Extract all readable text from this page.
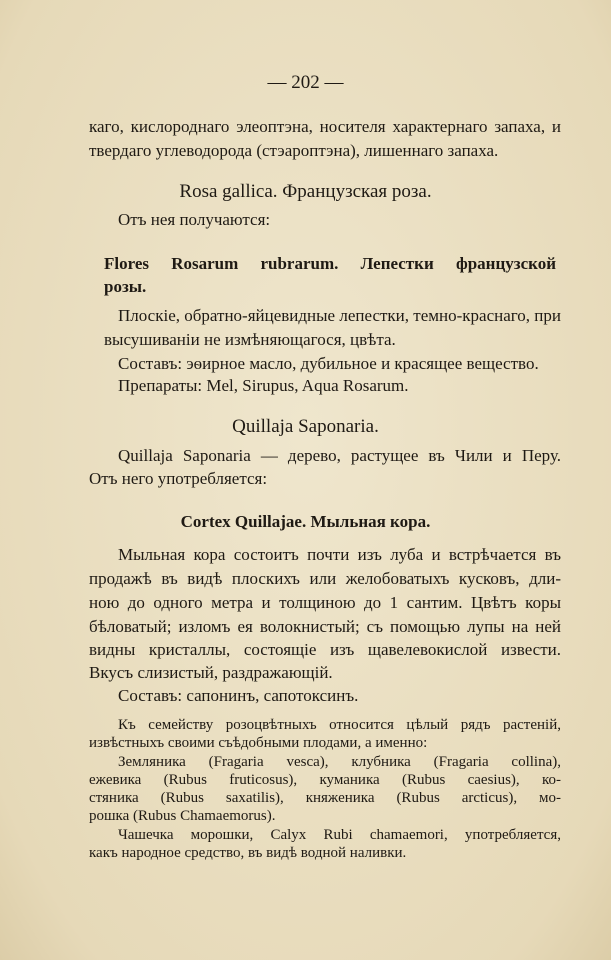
— 202 —
каго, кислороднаго элеоптэна, носителя характернаго запаха, и
твердаго углеводорода (стэароптэна), лишеннаго запаха.
Rosa gallica. Французская роза.
Отъ нея получаются:
Flores Rosarum rubrarum. Лепестки французской
розы.
Плоскіе, обратно-яйцевидные лепестки, темно-краснаго, при
высушиваніи не измѣняющагося, цвѣта.
Составъ: эѳирное масло, дубильное и красящее вещество.
Препараты: Mel, Sirupus, Aqua Rosarum.
Quillaja Saponaria.
Quillaja Saponaria — дерево, растущее въ Чили и Перу.
Отъ него употребляется:
Cortex Quillajae. Мыльная кора.
Мыльная кора состоитъ почти изъ луба и встрѣчается въ
продажѣ въ видѣ плоскихъ или желобоватыхъ кусковъ, дли-
ною до одного метра и толщиною до 1 сантим. Цвѣтъ коры
бѣловатый; изломъ ея волокнистый; съ помощью лупы на ней
видны кристаллы, состоящіе изъ щавелевокислой извести.
Вкусъ слизистый, раздражающій.
Составъ: сапонинъ, сапотоксинъ.
Къ семейству розоцвѣтныхъ относится цѣлый рядъ растеній,
извѣстныхъ своими съѣдобными плодами, а именно:
Земляника (Fragaria vesca), клубника (Fragaria collina),
ежевика (Rubus fruticosus), куманика (Rubus caesius), ко-
стяника (Rubus saxatilis), княженика (Rubus arcticus), мо-
рошка (Rubus Chamaemorus).
Чашечка морошки, Calyx Rubi chamaemori, употребляется,
какъ народное средство, въ видѣ водной наливки.
